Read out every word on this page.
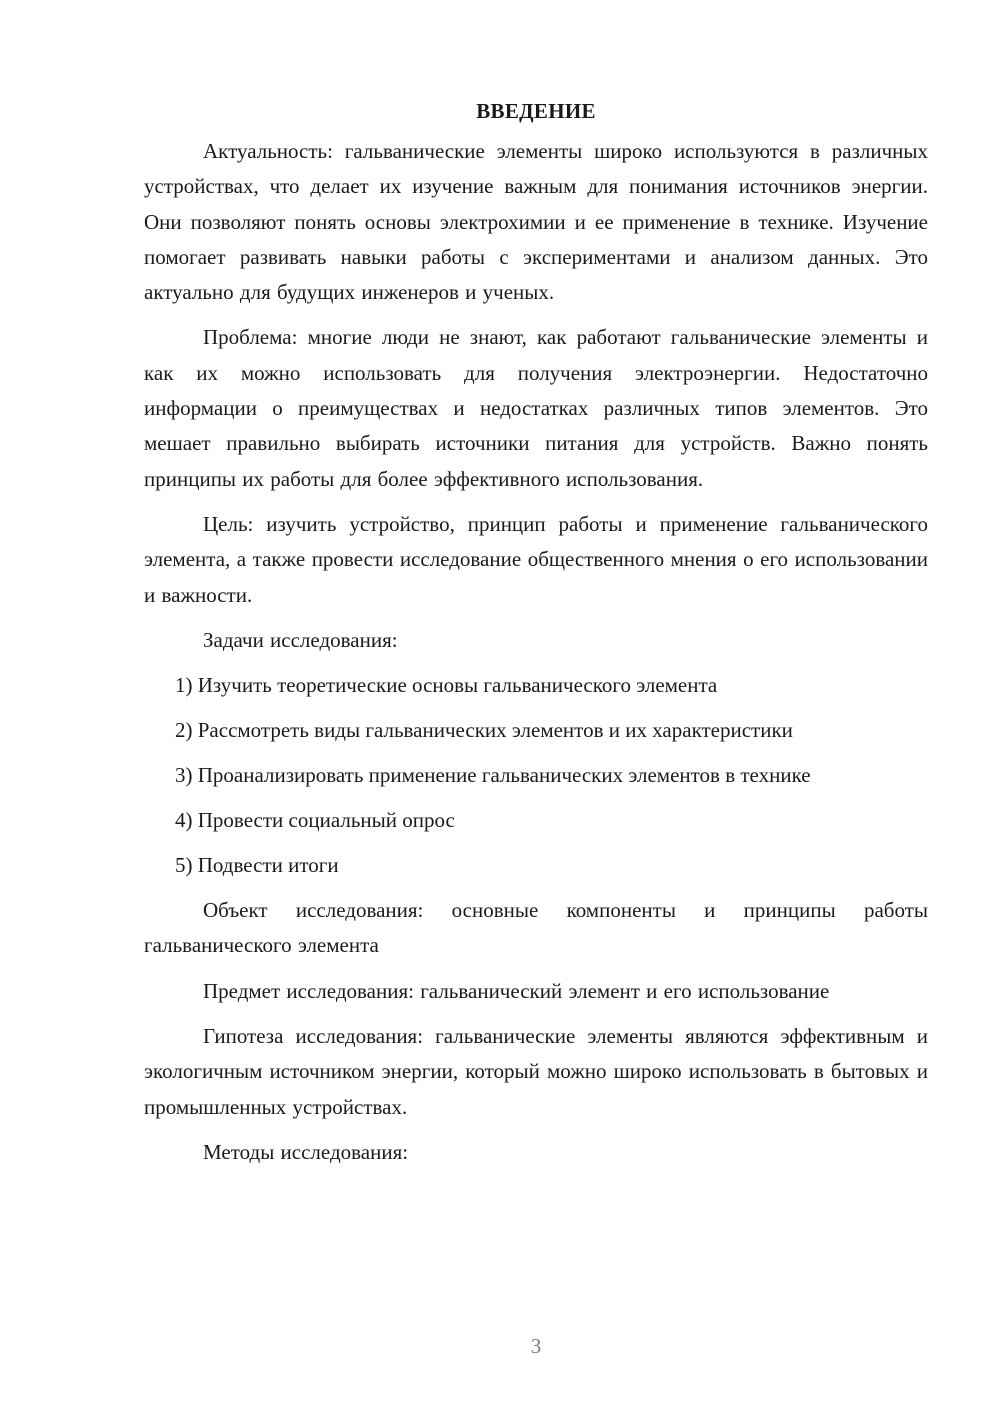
ВВЕДЕНИЕ

Актуальность: гальванические элементы широко используются в различных устройствах, что делает их изучение важным для понимания источников энергии. Они позволяют понять основы электрохимии и ее применение в технике. Изучение помогает развивать навыки работы с экспериментами и анализом данных. Это актуально для будущих инженеров и ученых.

Проблема: многие люди не знают, как работают гальванические элементы и как их можно использовать для получения электроэнергии. Недостаточно информации о преимуществах и недостатках различных типов элементов. Это мешает правильно выбирать источники питания для устройств. Важно понять принципы их работы для более эффективного использования.

Цель: изучить устройство, принцип работы и применение гальванического элемента, а также провести исследование общественного мнения о его использовании и важности.

Задачи исследования:

1) Изучить теоретические основы гальванического элемента
2) Рассмотреть виды гальванических элементов и их характеристики
3) Проанализировать применение гальванических элементов в технике
4) Провести социальный опрос
5) Подвести итоги

Объект исследования: основные компоненты и принципы работы гальванического элемента

Предмет исследования: гальванический элемент и его использование

Гипотеза исследования: гальванические элементы являются эффективным и экологичным источником энергии, который можно широко использовать в бытовых и промышленных устройствах.

Методы исследования:

3
